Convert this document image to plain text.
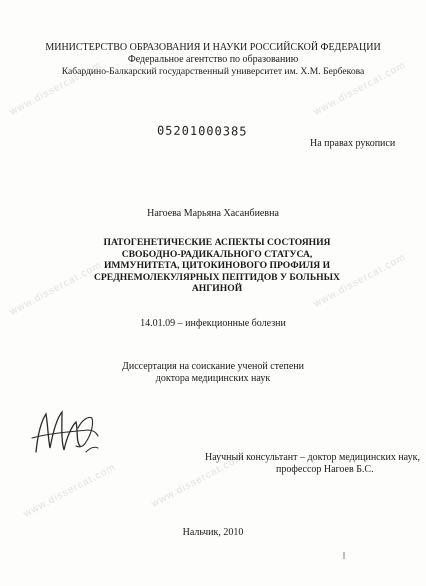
www.dissercat.com	www.dissercat.com
www.dissercat.com	www.dissercat.com
www.dissercat.com	www.dissercat.com
МИНИСТЕРСТВО ОБРАЗОВАНИЯ И НАУКИ РОССИЙСКОЙ ФЕДЕРАЦИИ
Федеральное агентство по образованию
Кабардино-Балкарский государственный университет им. Х.М. Бербекова
05201000385
На правах рукописи
Нагоева Марьяна Хасанбиевна
ПАТОГЕНЕТИЧЕСКИЕ АСПЕКТЫ СОСТОЯНИЯ СВОБОДНО-РАДИКАЛЬНОГО СТАТУСА, ИММУНИТЕТА, ЦИТОКИНОВОГО ПРОФИЛЯ И СРЕДНЕМОЛЕКУЛЯРНЫХ ПЕПТИДОВ У БОЛЬНЫХ АНГИНОЙ
14.01.09 – инфекционные болезни
Диссертация на соискание ученой степени
доктора медицинских наук
Научный консультант – доктор медицинских наук,
профессор Нагоев Б.С.
Нальчик, 2010
